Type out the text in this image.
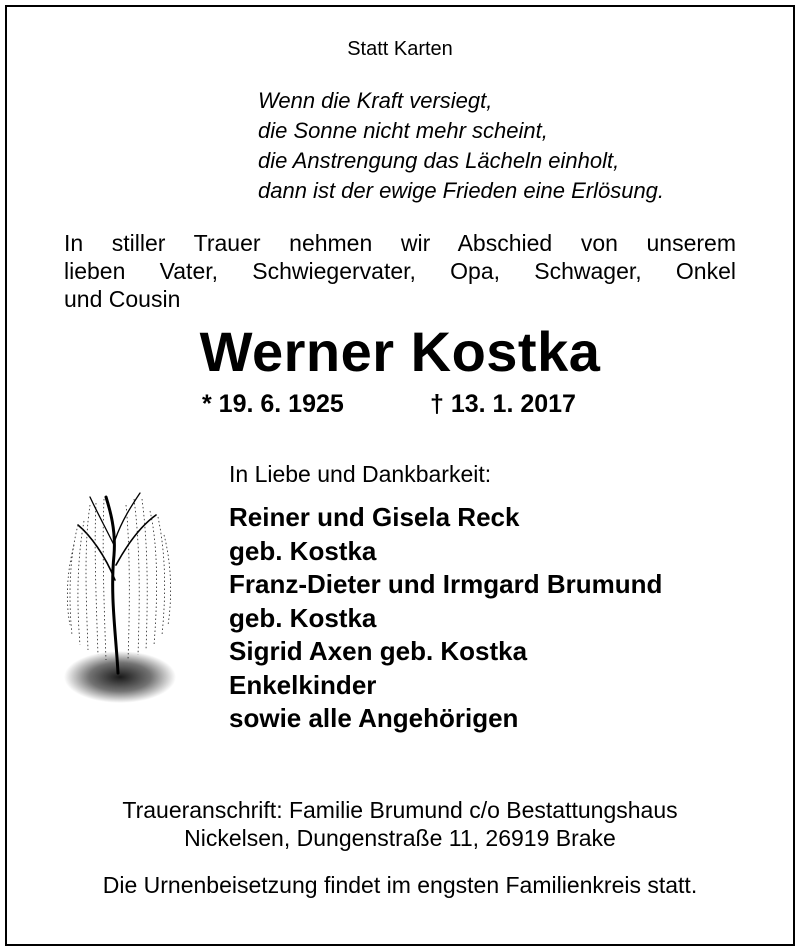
Statt Karten
Wenn die Kraft versiegt,
die Sonne nicht mehr scheint,
die Anstrengung das Lächeln einholt,
dann ist der ewige Frieden eine Erlösung.
In stiller Trauer nehmen wir Abschied von unserem
lieben Vater, Schwiegervater, Opa, Schwager, Onkel
und Cousin
Werner Kostka
* 19. 6. 1925	† 13. 1. 2017
In Liebe und Dankbarkeit:
Reiner und Gisela Reck
geb. Kostka
Franz-Dieter und Irmgard Brumund
geb. Kostka
Sigrid Axen geb. Kostka
Enkelkinder
sowie alle Angehörigen
Traueranschrift: Familie Brumund c/o Bestattungshaus
Nickelsen, Dungenstraße 11, 26919 Brake
Die Urnenbeisetzung findet im engsten Familienkreis statt.
